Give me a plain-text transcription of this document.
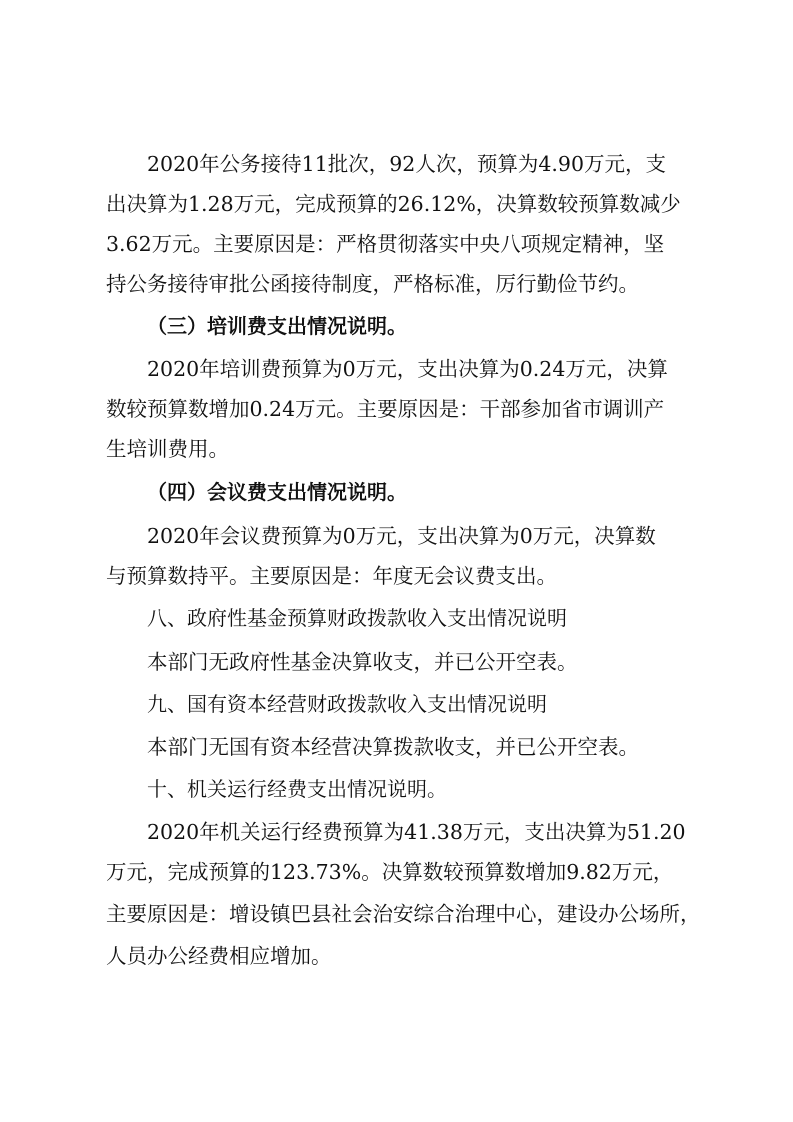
2020年公务接待11批次，92人次，预算为4.90万元，支

出决算为1.28万元，完成预算的26.12%，决算数较预算数减少

3.62万元。主要原因是：严格贯彻落实中央八项规定精神，坚

持公务接待审批公函接待制度，严格标准，厉行勤俭节约。

（三）培训费支出情况说明。

2020年培训费预算为0万元，支出决算为0.24万元，决算

数较预算数增加0.24万元。主要原因是：干部参加省市调训产

生培训费用。

（四）会议费支出情况说明。

2020年会议费预算为0万元，支出决算为0万元，决算数

与预算数持平。主要原因是：年度无会议费支出。

八、政府性基金预算财政拨款收入支出情况说明

本部门无政府性基金决算收支，并已公开空表。

九、国有资本经营财政拨款收入支出情况说明

本部门无国有资本经营决算拨款收支，并已公开空表。

十、机关运行经费支出情况说明。

2020年机关运行经费预算为41.38万元，支出决算为51.20

万元，完成预算的123.73%。决算数较预算数增加9.82万元，

主要原因是：增设镇巴县社会治安综合治理中心，建设办公场所，

人员办公经费相应增加。
